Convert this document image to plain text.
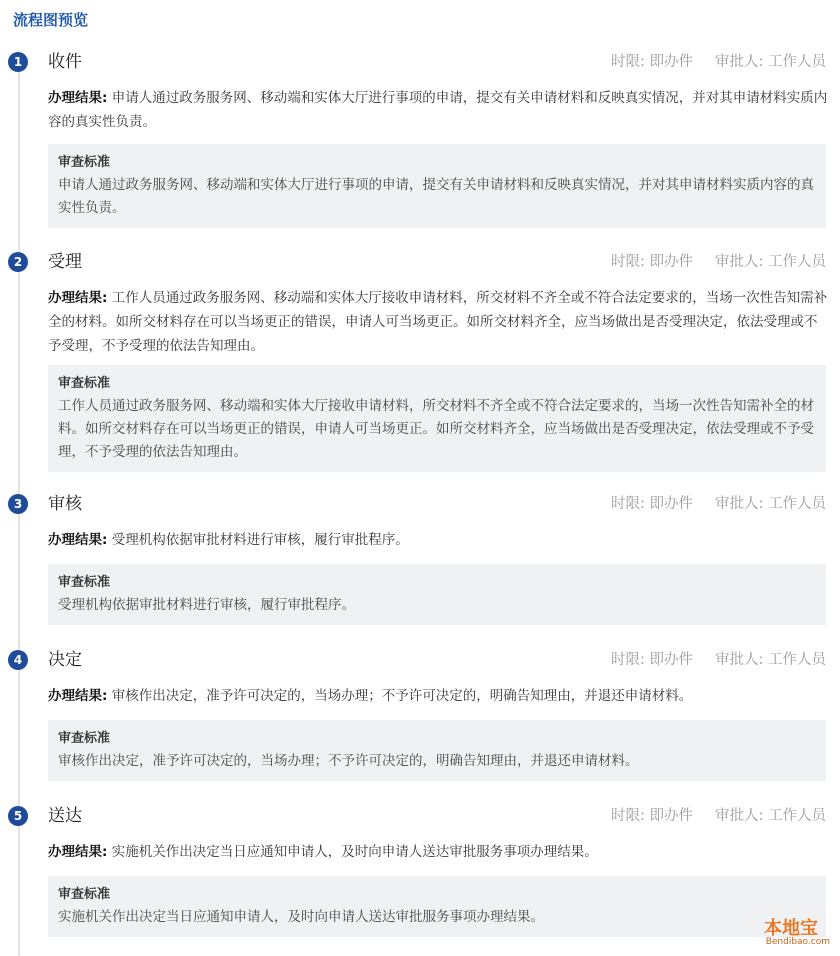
流程图预览
1	收件	时限: 即办件 审批人: 工作人员
办理结果: 申请人通过政务服务网、移动端和实体大厅进行事项的申请，提交有关申请材料和反映真实情况，并对其申请材料实质内容的真实性负责。
审查标准
申请人通过政务服务网、移动端和实体大厅进行事项的申请，提交有关申请材料和反映真实情况，并对其申请材料实质内容的真实性负责。
2	受理	时限: 即办件 审批人: 工作人员
办理结果: 工作人员通过政务服务网、移动端和实体大厅接收申请材料，所交材料不齐全或不符合法定要求的，当场一次性告知需补全的材料。如所交材料存在可以当场更正的错误，申请人可当场更正。如所交材料齐全，应当场做出是否受理决定，依法受理或不予受理，不予受理的依法告知理由。
审查标准
工作人员通过政务服务网、移动端和实体大厅接收申请材料，所交材料不齐全或不符合法定要求的，当场一次性告知需补全的材料。如所交材料存在可以当场更正的错误，申请人可当场更正。如所交材料齐全，应当场做出是否受理决定，依法受理或不予受理，不予受理的依法告知理由。
3	审核	时限: 即办件 审批人: 工作人员
办理结果: 受理机构依据审批材料进行审核，履行审批程序。
审查标准
受理机构依据审批材料进行审核，履行审批程序。
4	决定	时限: 即办件 审批人: 工作人员
办理结果: 审核作出决定，准予许可决定的，当场办理；不予许可决定的，明确告知理由，并退还申请材料。
审查标准
审核作出决定，准予许可决定的，当场办理；不予许可决定的，明确告知理由，并退还申请材料。
5	送达	时限: 即办件 审批人: 工作人员
办理结果: 实施机关作出决定当日应通知申请人，及时向申请人送达审批服务事项办理结果。
审查标准
实施机关作出决定当日应通知申请人，及时向申请人送达审批服务事项办理结果。
本地宝
Bendibao.com
